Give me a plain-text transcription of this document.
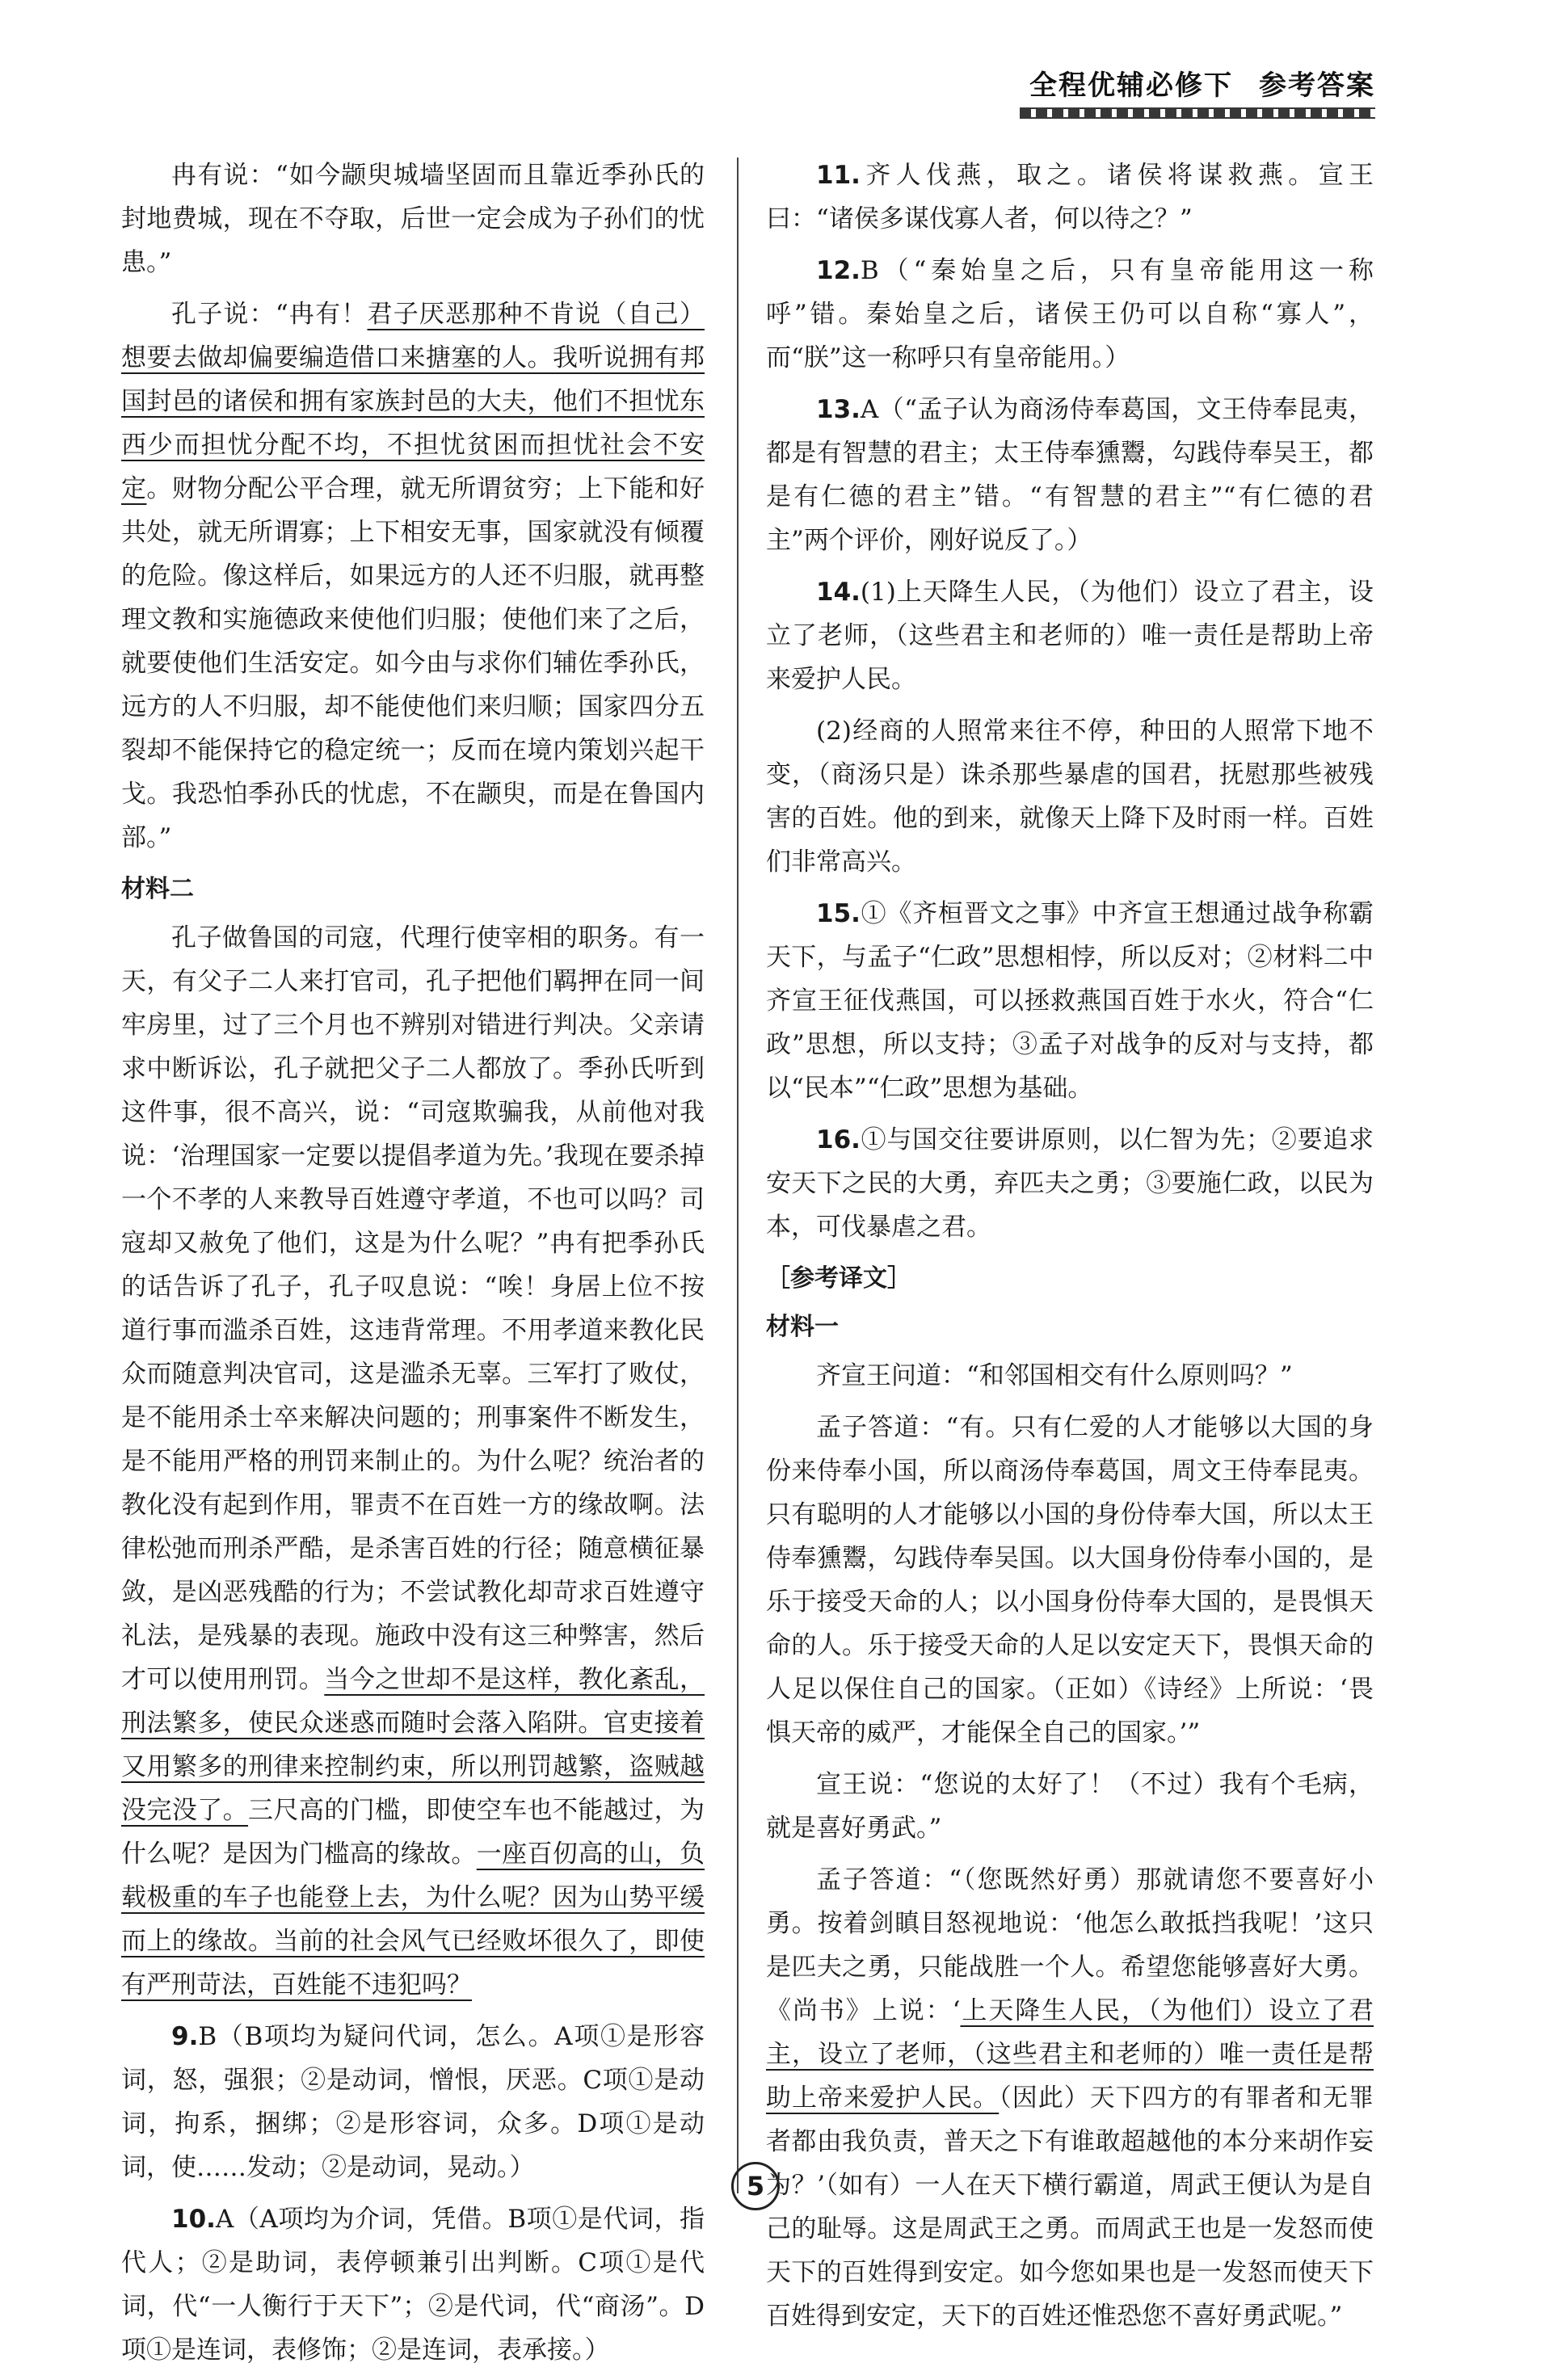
全程优辅必修下 参考答案

冉有说：“如今颛臾城墙坚固而且靠近季孙氏的封地费城，现在不夺取，后世一定会成为子孙们的忧患。”

孔子说：“冉有！君子厌恶那种不肯说（自己）想要去做却偏要编造借口来搪塞的人。我听说拥有邦国封邑的诸侯和拥有家族封邑的大夫，他们不担忧东西少而担忧分配不均，不担忧贫困而担忧社会不安定。财物分配公平合理，就无所谓贫穷；上下能和好共处，就无所谓寡；上下相安无事，国家就没有倾覆的危险。像这样后，如果远方的人还不归服，就再整理文教和实施德政来使他们归服；使他们来了之后，就要使他们生活安定。如今由与求你们辅佐季孙氏，远方的人不归服，却不能使他们来归顺；国家四分五裂却不能保持它的稳定统一；反而在境内策划兴起干戈。我恐怕季孙氏的忧虑，不在颛臾，而是在鲁国内部。”

材料二

孔子做鲁国的司寇，代理行使宰相的职务。有一天，有父子二人来打官司，孔子把他们羁押在同一间牢房里，过了三个月也不辨别对错进行判决。父亲请求中断诉讼，孔子就把父子二人都放了。季孙氏听到这件事，很不高兴，说：“司寇欺骗我，从前他对我说：‘治理国家一定要以提倡孝道为先。’我现在要杀掉一个不孝的人来教导百姓遵守孝道，不也可以吗？司寇却又赦免了他们，这是为什么呢？”冉有把季孙氏的话告诉了孔子，孔子叹息说：“唉！身居上位不按道行事而滥杀百姓，这违背常理。不用孝道来教化民众而随意判决官司，这是滥杀无辜。三军打了败仗，是不能用杀士卒来解决问题的；刑事案件不断发生，是不能用严格的刑罚来制止的。为什么呢？统治者的教化没有起到作用，罪责不在百姓一方的缘故啊。法律松弛而刑杀严酷，是杀害百姓的行径；随意横征暴敛，是凶恶残酷的行为；不尝试教化却苛求百姓遵守礼法，是残暴的表现。施政中没有这三种弊害，然后才可以使用刑罚。当今之世却不是这样，教化紊乱，刑法繁多，使民众迷惑而随时会落入陷阱。官吏接着又用繁多的刑律来控制约束，所以刑罚越繁，盗贼越没完没了。三尺高的门槛，即使空车也不能越过，为什么呢？是因为门槛高的缘故。一座百仞高的山，负载极重的车子也能登上去，为什么呢？因为山势平缓而上的缘故。当前的社会风气已经败坏很久了，即使有严刑苛法，百姓能不违犯吗？

9.B（B项均为疑问代词，怎么。A项①是形容词，怒，强狠；②是动词，憎恨，厌恶。C项①是动词，拘系，捆绑；②是形容词，众多。D项①是动词，使……发动；②是动词，晃动。）

10.A（A项均为介词，凭借。B项①是代词，指代人；②是助词，表停顿兼引出判断。C项①是代词，代“一人衡行于天下”；②是代词，代“商汤”。D项①是连词，表修饰；②是连词，表承接。）

11.齐人伐燕，取之。诸侯将谋救燕。宣王曰：“诸侯多谋伐寡人者，何以待之？”

12.B（“秦始皇之后，只有皇帝能用这一称呼”错。秦始皇之后，诸侯王仍可以自称“寡人”，而“朕”这一称呼只有皇帝能用。）

13.A（“孟子认为商汤侍奉葛国，文王侍奉昆夷，都是有智慧的君主；太王侍奉獯鬻，勾践侍奉吴王，都是有仁德的君主”错。“有智慧的君主”“有仁德的君主”两个评价，刚好说反了。）

14.(1)上天降生人民，（为他们）设立了君主，设立了老师，（这些君主和老师的）唯一责任是帮助上帝来爱护人民。

(2)经商的人照常来往不停，种田的人照常下地不变，（商汤只是）诛杀那些暴虐的国君，抚慰那些被残害的百姓。他的到来，就像天上降下及时雨一样。百姓们非常高兴。

15.①《齐桓晋文之事》中齐宣王想通过战争称霸天下，与孟子“仁政”思想相悖，所以反对；②材料二中齐宣王征伐燕国，可以拯救燕国百姓于水火，符合“仁政”思想，所以支持；③孟子对战争的反对与支持，都以“民本”“仁政”思想为基础。

16.①与国交往要讲原则，以仁智为先；②要追求安天下之民的大勇，弃匹夫之勇；③要施仁政，以民为本，可伐暴虐之君。

［参考译文］
材料一

齐宣王问道：“和邻国相交有什么原则吗？”

孟子答道：“有。只有仁爱的人才能够以大国的身份来侍奉小国，所以商汤侍奉葛国，周文王侍奉昆夷。只有聪明的人才能够以小国的身份侍奉大国，所以太王侍奉獯鬻，勾践侍奉吴国。以大国身份侍奉小国的，是乐于接受天命的人；以小国身份侍奉大国的，是畏惧天命的人。乐于接受天命的人足以安定天下，畏惧天命的人足以保住自己的国家。（正如）《诗经》上所说：‘畏惧天帝的威严，才能保全自己的国家。’”

宣王说：“您说的太好了！（不过）我有个毛病，就是喜好勇武。”

孟子答道：“（您既然好勇）那就请您不要喜好小勇。按着剑瞋目怒视地说：‘他怎么敢抵挡我呢！’这只是匹夫之勇，只能战胜一个人。希望您能够喜好大勇。《尚书》上说：‘上天降生人民，（为他们）设立了君主，设立了老师，（这些君主和老师的）唯一责任是帮助上帝来爱护人民。（因此）天下四方的有罪者和无罪者都由我负责，普天之下有谁敢超越他的本分来胡作妄为？’（如有）一人在天下横行霸道，周武王便认为是自己的耻辱。这是周武王之勇。而周武王也是一发怒而使天下的百姓得到安定。如今您如果也是一发怒而使天下百姓得到安定，天下的百姓还惟恐您不喜好勇武呢。”

5
